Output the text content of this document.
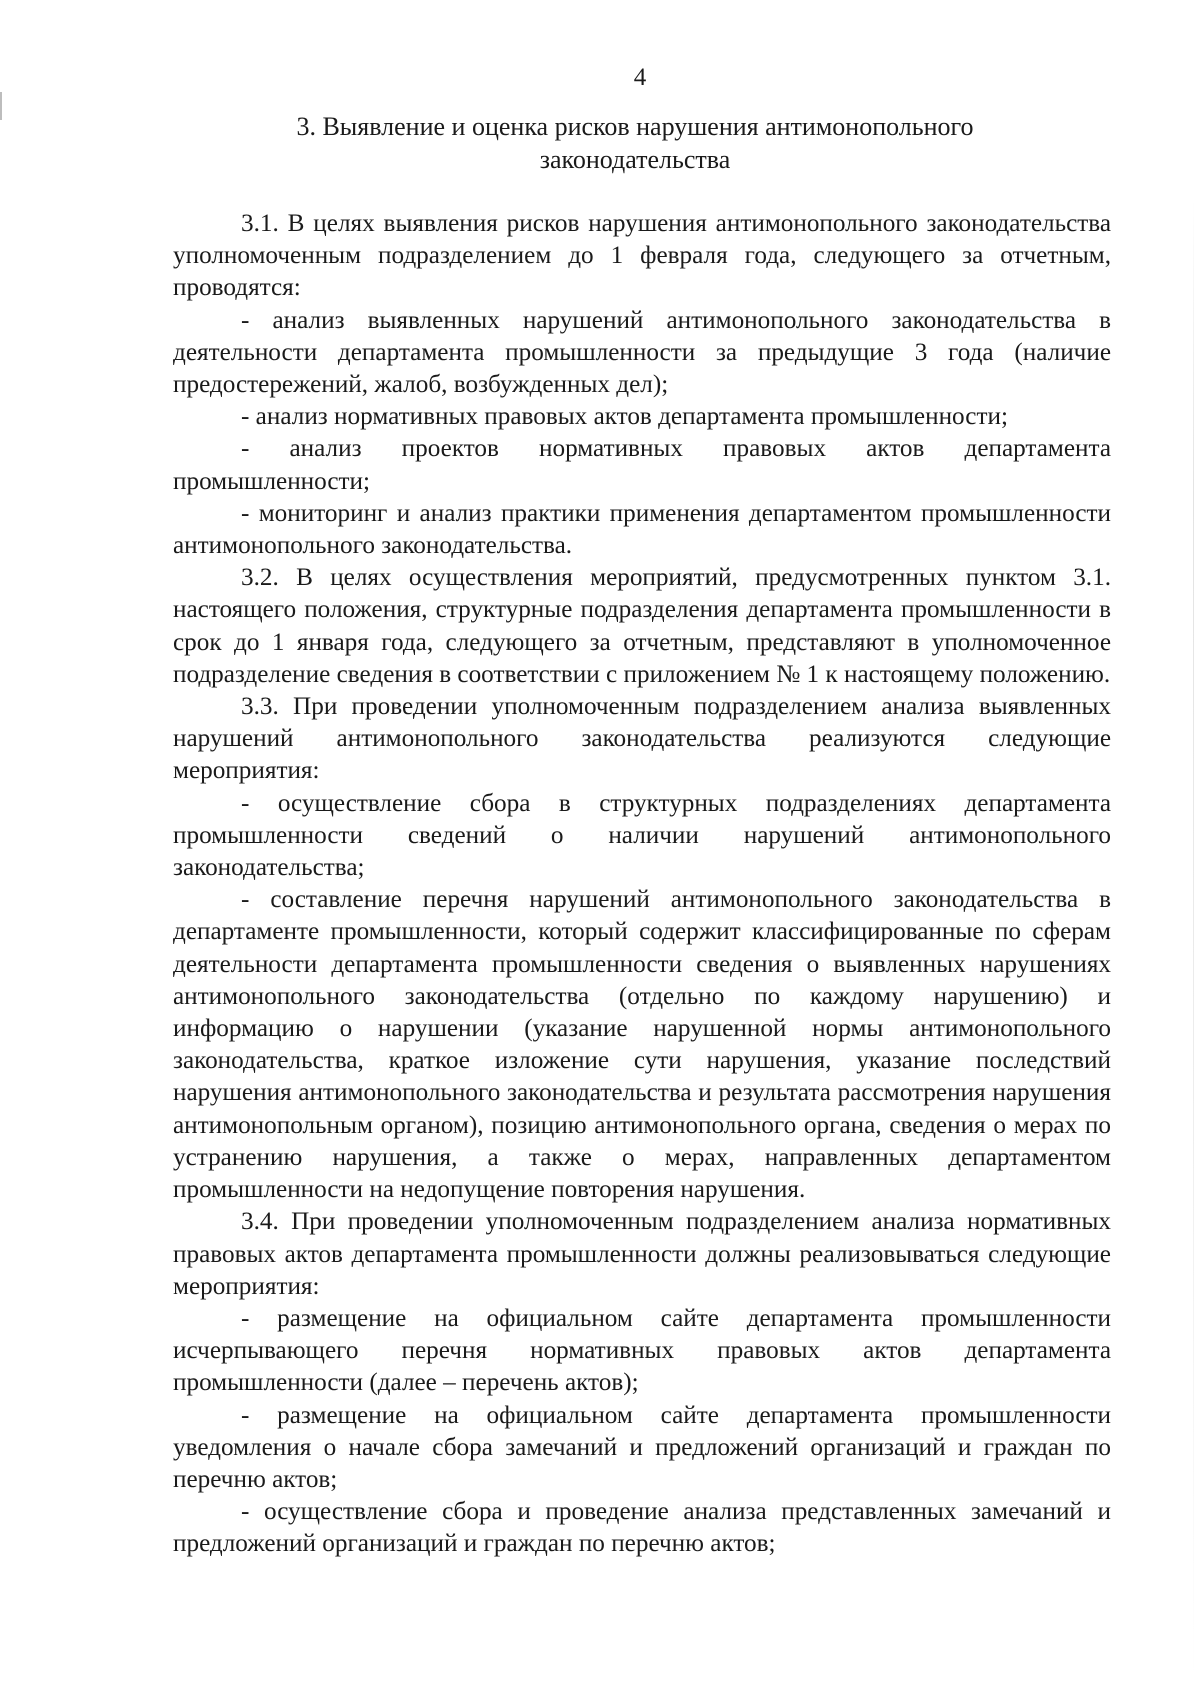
4
3. Выявление и оценка рисков нарушения антимонопольного
законодательства

3.1. В целях выявления рисков нарушения антимонопольного законодательства уполномоченным подразделением до 1 февраля года, следующего за отчетным, проводятся:

- анализ выявленных нарушений антимонопольного законодательства в деятельности департамента промышленности за предыдущие 3 года (наличие предостережений, жалоб, возбужденных дел);

- анализ нормативных правовых актов департамента промышленности;

- анализ проектов нормативных правовых актов департамента промышленности;

- мониторинг и анализ практики применения департаментом промышленности антимонопольного законодательства.

3.2. В целях осуществления мероприятий, предусмотренных пунктом 3.1. настоящего положения, структурные подразделения департамента промышленности в срок до 1 января года, следующего за отчетным, представляют в уполномоченное подразделение сведения в соответствии с приложением № 1 к настоящему положению.

3.3. При проведении уполномоченным подразделением анализа выявленных нарушений антимонопольного законодательства реализуются следующие мероприятия:

- осуществление сбора в структурных подразделениях департамента промышленности сведений о наличии нарушений антимонопольного законодательства;

- составление перечня нарушений антимонопольного законодательства в департаменте промышленности, который содержит классифицированные по сферам деятельности департамента промышленности сведения о выявленных нарушениях антимонопольного законодательства (отдельно по каждому нарушению) и информацию о нарушении (указание нарушенной нормы антимонопольного законодательства, краткое изложение сути нарушения, указание последствий нарушения антимонопольного законодательства и результата рассмотрения нарушения антимонопольным органом), позицию антимонопольного органа, сведения о мерах по устранению нарушения, а также о мерах, направленных департаментом промышленности на недопущение повторения нарушения.

3.4. При проведении уполномоченным подразделением анализа нормативных правовых актов департамента промышленности должны реализовываться следующие мероприятия:

- размещение на официальном сайте департамента промышленности исчерпывающего перечня нормативных правовых актов департамента промышленности (далее – перечень актов);

- размещение на официальном сайте департамента промышленности уведомления о начале сбора замечаний и предложений организаций и граждан по перечню актов;

- осуществление сбора и проведение анализа представленных замечаний и предложений организаций и граждан по перечню актов;
